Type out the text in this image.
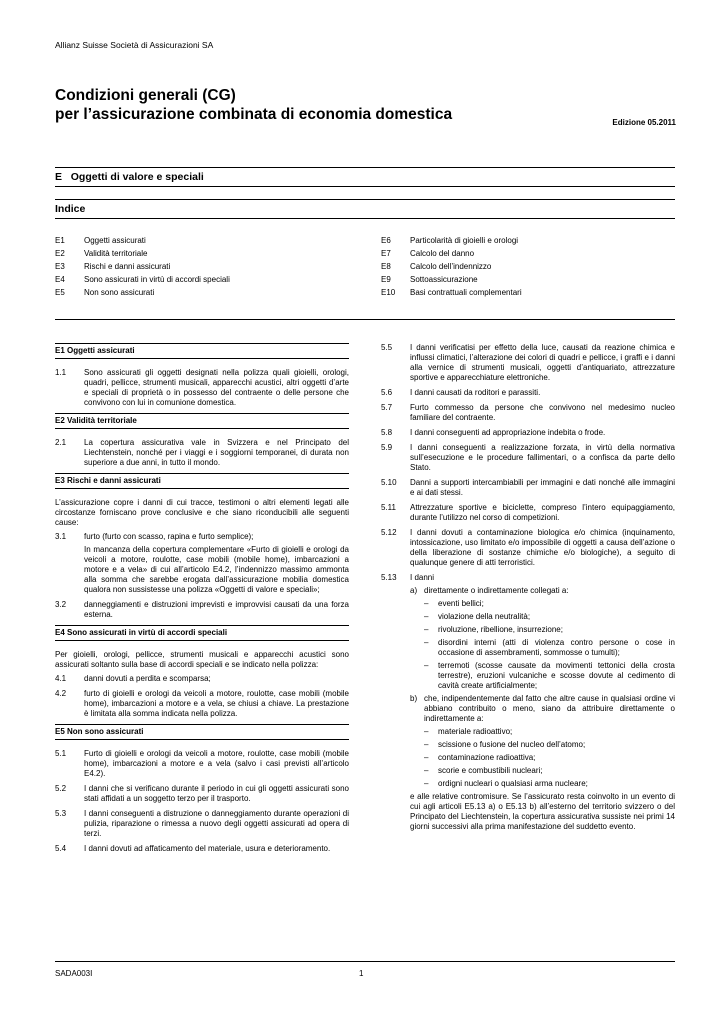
Allianz Suisse Società di Assicurazioni SA
Condizioni generali (CG)
per l’assicurazione combinata di economia domestica	Edizione 05.2011
E   Oggetti di valore e speciali
Indice
E1 Oggetti assicurati
E2 Validità territoriale
E3 Rischi e danni assicurati
E4 Sono assicurati in virtù di accordi speciali
E5 Non sono assicurati
E6 Particolarità di gioielli e orologi
E7 Calcolo del danno
E8 Calcolo dell’indennizzo
E9 Sottoassicurazione
E10 Basi contrattuali complementari
E1 Oggetti assicurati
1.1	Sono assicurati gli oggetti designati nella polizza quali gioielli, orologi, quadri, pellicce, strumenti musicali, apparecchi acustici, altri oggetti d’arte e speciali di proprietà o in possesso del contraente o delle persone che convivono con lui in comunione domestica.
E2 Validità territoriale
2.1	La copertura assicurativa vale in Svizzera e nel Principato del Liechtenstein, nonché per i viaggi e i soggiorni temporanei, di durata non superiore a due anni, in tutto il mondo.
E3 Rischi e danni assicurati
L’assicurazione copre i danni di cui tracce, testimoni o altri elementi legati alle circostanze forniscano prove conclusive e che siano riconducibili alle seguenti cause:
3.1	furto (furto con scasso, rapina e furto semplice);
In mancanza della copertura complementare «Furto di gioielli e orologi da veicoli a motore, roulotte, case mobili (mobile home), imbarcazioni a motore e a vela» di cui all’articolo E4.2, l’indennizzo massimo ammonta alla somma che sarebbe erogata dall’assicurazione mobilia domestica qualora non sussistesse una polizza «Oggetti di valore e speciali»;
3.2	danneggiamenti e distruzioni imprevisti e improvvisi causati da una forza esterna.
E4 Sono assicurati in virtù di accordi speciali
Per gioielli, orologi, pellicce, strumenti musicali e apparecchi acustici sono assicurati soltanto sulla base di accordi speciali e se indicato nella polizza:
4.1	danni dovuti a perdita e scomparsa;
4.2	furto di gioielli e orologi da veicoli a motore, roulotte, case mobili (mobile home), imbarcazioni a motore e a vela, se chiusi a chiave. La prestazione è limitata alla somma indicata nella polizza.
E5 Non sono assicurati
5.1	Furto di gioielli e orologi da veicoli a motore, roulotte, case mobili (mobile home), imbarcazioni a motore e a vela (salvo i casi previsti all’articolo E4.2).
5.2	I danni che si verificano durante il periodo in cui gli oggetti assicurati sono stati affidati a un soggetto terzo per il trasporto.
5.3	I danni conseguenti a distruzione o danneggiamento durante operazioni di pulizia, riparazione o rimessa a nuovo degli oggetti assicurati ad opera di terzi.
5.4	I danni dovuti ad affaticamento del materiale, usura e deterioramento.
5.5	I danni verificatisi per effetto della luce, causati da reazione chimica e influssi climatici, l’alterazione dei colori di quadri e pellicce, i graffi e i danni alla vernice di strumenti musicali, oggetti d’antiquariato, attrezzature sportive e apparecchiature elettroniche.
5.6	I danni causati da roditori e parassiti.
5.7	Furto commesso da persone che convivono nel medesimo nucleo familiare del contraente.
5.8	I danni conseguenti ad appropriazione indebita o frode.
5.9	I danni conseguenti a realizzazione forzata, in virtù della normativa sull’esecuzione e le procedure fallimentari, o a confisca da parte dello Stato.
5.10	Danni a supporti intercambiabili per immagini e dati nonché alle immagini e ai dati stessi.
5.11	Attrezzature sportive e biciclette, compreso l’intero equipaggiamento, durante l’utilizzo nel corso di competizioni.
5.12	I danni dovuti a contaminazione biologica e/o chimica (inquinamento, intossicazione, uso limitato e/o impossibile di oggetti a causa dell’azione o della liberazione di sostanze chimiche e/o biologiche), a seguito di qualunque genere di atti terroristici.
5.13	I danni
a) direttamente o indirettamente collegati a:
–	eventi bellici;
–	violazione della neutralità;
–	rivoluzione, ribellione, insurrezione;
–	disordini interni (atti di violenza contro persone o cose in occasione di assembramenti, sommosse o tumulti);
–	terremoti (scosse causate da movimenti tettonici della crosta terrestre), eruzioni vulcaniche e scosse dovute al cedimento di cavità create artificialmente;
b) che, indipendentemente dal fatto che altre cause in qualsiasi ordine vi abbiano contribuito o meno, siano da attribuire direttamente o indirettamente a:
–	materiale radioattivo;
–	scissione o fusione del nucleo dell’atomo;
–	contaminazione radioattiva;
–	scorie e combustibili nucleari;
–	ordigni nucleari o qualsiasi arma nucleare;
e alle relative contromisure. Se l’assicurato resta coinvolto in un evento di cui agli articoli E5.13 a) o E5.13 b) all’esterno del territorio svizzero o del Principato del Liechtenstein, la copertura assicurativa sussiste nei primi 14 giorni successivi alla prima manifestazione del suddetto evento.
SADA003I	1
